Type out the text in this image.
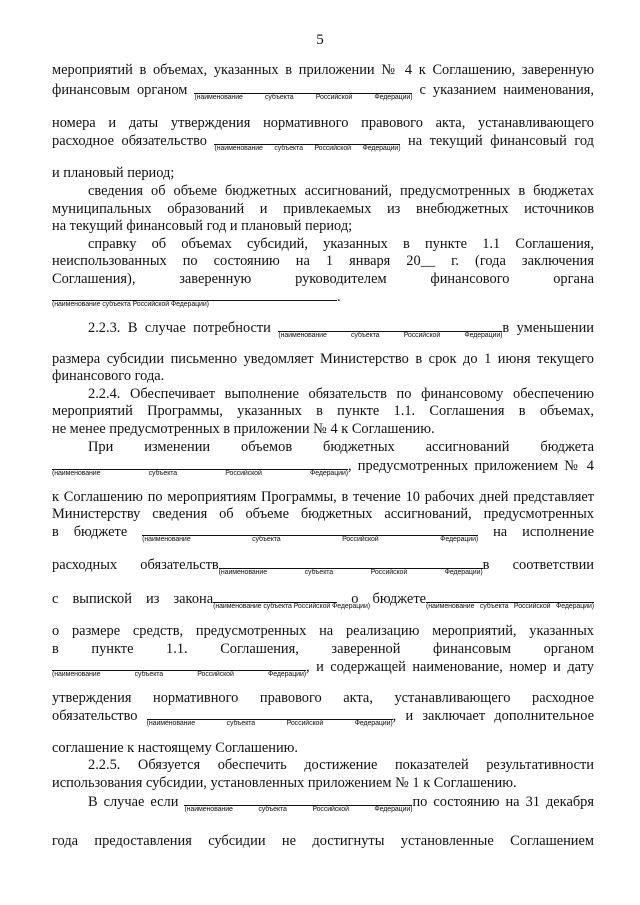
5
мероприятий в объемах, указанных в приложении № 4 к Соглашению, заверенную
финансовым органом (наименование субъекта Российской Федерации) с указанием наименования,
номера и даты утверждения нормативного правового акта, устанавливающего
расходное обязательство (наименование субъекта Российской Федерации) на текущий финансовый год
и плановый период;
сведения об объеме бюджетных ассигнований, предусмотренных в бюджетах
муниципальных образований и привлекаемых из внебюджетных источников
на текущий финансовый год и плановый период;
справку об объемах субсидий, указанных в пункте 1.1 Соглашения,
неиспользованных по состоянию на 1 января 20__ г. (года заключения
Соглашения), заверенную руководителем финансового органа
(наименование субъекта Российской Федерации)	.
2.2.3. В случае потребности (наименование субъекта Российской Федерации) в уменьшении
размера субсидии письменно уведомляет Министерство в срок до 1 июня текущего
финансового года.
2.2.4. Обеспечивает выполнение обязательств по финансовому обеспечению
мероприятий Программы, указанных в пункте 1.1. Соглашения в объемах,
не менее предусмотренных в приложении № 4 к Соглашению.
При изменении объемов бюджетных ассигнований бюджета
(наименование субъекта Российской Федерации) , предусмотренных приложением № 4
к Соглашению по мероприятиям Программы, в течение 10 рабочих дней представляет
Министерству сведения об объеме бюджетных ассигнований, предусмотренных
в бюджете (наименование субъекта Российской Федерации) на исполнение
расходных обязательств (наименование субъекта Российской Федерации) в соответствии
с выпиской из закона (наименование субъекта Российской Федерации)
о бюджете (наименование субъекта Российской Федерации)
о размере средств, предусмотренных на реализацию мероприятий, указанных
в пункте 1.1. Соглашения, заверенной финансовым органом
(наименование субъекта Российской Федерации) , и содержащей наименование, номер и дату
утверждения нормативного правового акта, устанавливающего расходное
обязательство (наименование субъекта Российской Федерации) , и заключает дополнительное
соглашение к настоящему Соглашению.
2.2.5. Обязуется обеспечить достижение показателей результативности
использования субсидии, установленных приложением № 1 к Соглашению.
В случае если (наименование субъекта Российской Федерации) по состоянию на 31 декабря
года предоставления субсидии не достигнуты установленные Соглашением
